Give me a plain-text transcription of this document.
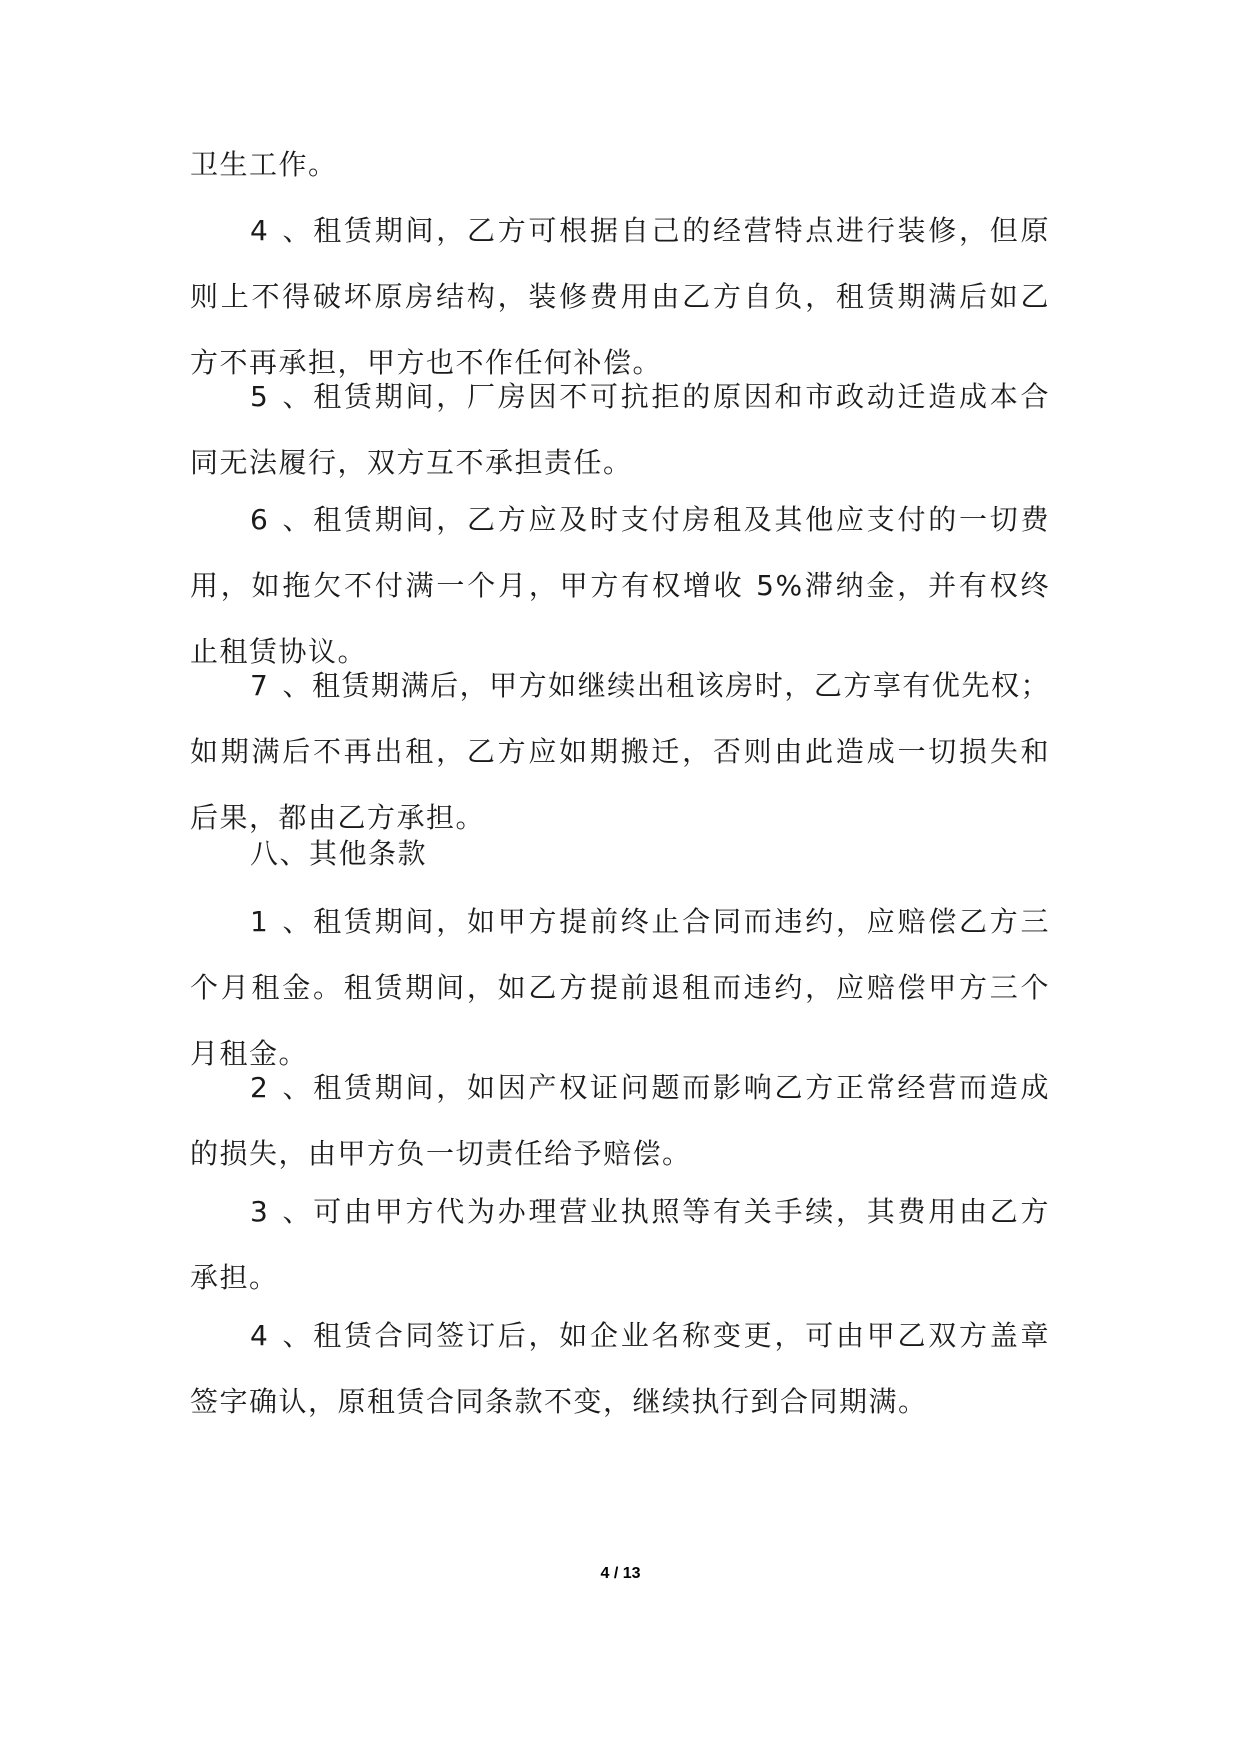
卫生工作。
4、租赁期间，乙方可根据自己的经营特点进行装修，但原
则上不得破坏原房结构，装修费用由乙方自负，租赁期满后如乙
方不再承担，甲方也不作任何补偿。
5、租赁期间，厂房因不可抗拒的原因和市政动迁造成本合
同无法履行，双方互不承担责任。
6、租赁期间，乙方应及时支付房租及其他应支付的一切费
用，如拖欠不付满一个月，甲方有权增收 5%滞纳金，并有权终
止租赁协议。
7、租赁期满后，甲方如继续出租该房时，乙方享有优先权；
如期满后不再出租，乙方应如期搬迁，否则由此造成一切损失和
后果，都由乙方承担。
八、其他条款
1、租赁期间，如甲方提前终止合同而违约，应赔偿乙方三
个月租金。租赁期间，如乙方提前退租而违约，应赔偿甲方三个
月租金。
2、租赁期间，如因产权证问题而影响乙方正常经营而造成
的损失，由甲方负一切责任给予赔偿。
3、可由甲方代为办理营业执照等有关手续，其费用由乙方
承担。
4、租赁合同签订后，如企业名称变更，可由甲乙双方盖章
签字确认，原租赁合同条款不变，继续执行到合同期满。
4 / 13
